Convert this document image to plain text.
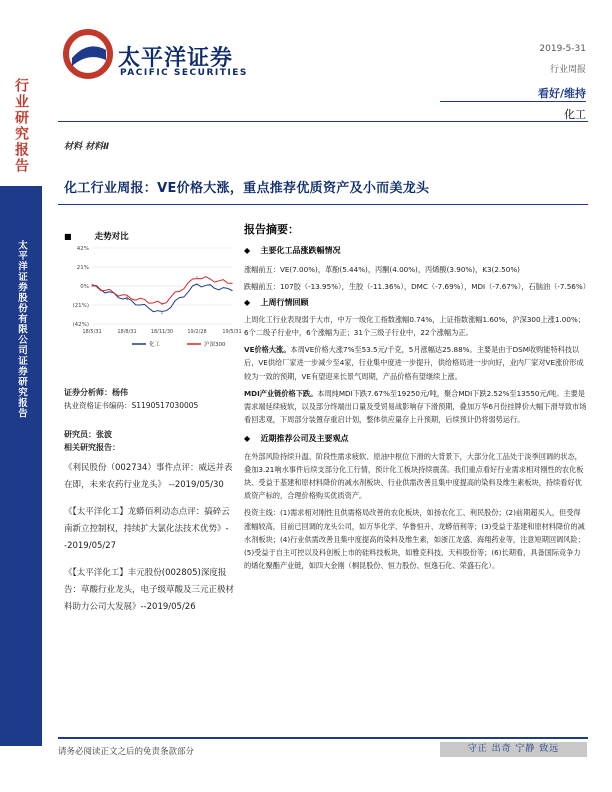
行业研究报告
太平洋证券股份有限公司证券研究报告
太平洋证券
PACIFIC SECURITIES
2019-5-31
行业周报
看好/维持
化工
材料 材料Ⅱ
化工行业周报：VE价格大涨，重点推荐优质资产及小而美龙头
■	走势对比
42%
21%
0%
(21%)
(42%)
18/5/31	18/8/31	18/11/30	19/2/28	19/5/31
化工	沪深300
证券分析师：杨伟
执业资格证书编码：S1190517030005
研究员：张波
相关研究报告：
《利民股份（002734）事件点评：威远并表在即，未来农药行业龙头》 --2019/05/30
《【太平洋化工】龙蟒佰利动态点评：搞碎云南新立控制权，持续扩大氯化法技术优势》--2019/05/27
《【太平洋化工】丰元股份(002805)深度报告：草酸行业龙头，电子级草酸及三元正极材料助力公司大发展》--2019/05/26
报告摘要：
◆ 主要化工品涨跌幅情况

涨幅前五：VE(7.00%)，革酚(5.44%)，丙酮(4.00%)，丙烯酸(3.90%)，K3(2.50%)

跌幅前五：107胶（-13.95%），生胶（-11.36%），DMC（-7.69%），MDI（-7.67%），石脑油（-7.56%）

◆ 上周行情回顾

上周化工行业表现弱于大市，中万一级化工指数涨幅0.74%，上证指数涨幅1.60%，沪深300上涨1.00%；6个二级子行业中，6个涨幅为正；31个三级子行业中，22个涨幅为正。

VE价格大涨。本周VE价格大涨7%至53.5元/千克，5月涨幅达25.88%。主要是由于DSM收购能特科技以后，VE供给厂家进一步减少至4家，行业集中度进一步提升，供给格局进一步向好，业内厂家对VE涨价形成较为一致的预期，VE有望迎来长景气周期，产品价格有望继续上涨。

MDI产业链价格下跌。本周纯MDI下跌7.67%至19250元/吨，聚合MDI下跌2.52%至13550元/吨。主要是需求端延续疲软，以及部分终端出口量及受贸易战影响存下滑预期，叠加万华6月份挂牌价大幅下滑导致市场看回悲观，下周部分装置存重启计划，整体供应量存上升预期，后续预计仍将弱势运行。

◆ 近期推荐公司及主要观点

在外部风险持续升温、阶段性需求疲软、原油中枢位下滑的大背景下，大部分化工品处于淡季回调的状态，叠加3.21响水事件后续支部分化工行情，预计化工板块持续震荡。我们重点看好行业需求相对刚性的农化板块、受益于基建和原材料降价的减水剂板块、行业供需改善且集中度提高的染料及维生素板块，持续看好优质资产标的，合理价格购买优质资产。

投资主线：(1)需求相对刚性且供需格局改善的农化板块，如扬农化工、利民股份；(2)前期超买入，但受得涨幅较高，目前已回调的龙头公司，如万华化学、华鲁恒升、龙蟒佰利等；(3)受益于基建和原材料降价的减水剂板块；(4)行业供需改善且集中度提高的染料及维生素，如浙江龙盛、海翔药业等，注意短期回调风险；(5)受益于自主可控以及科创板上市的硅料技板块，如雅克科技、天科股份等；(6)长期看，具备国际竞争力的烯化聚酯产业链，如四大金刚（桐昆股份、恒力股份、恒逸石化、荣盛石化）。

请务必阅读正文之后的免责条款部分	守正 出奇 宁静 致远
